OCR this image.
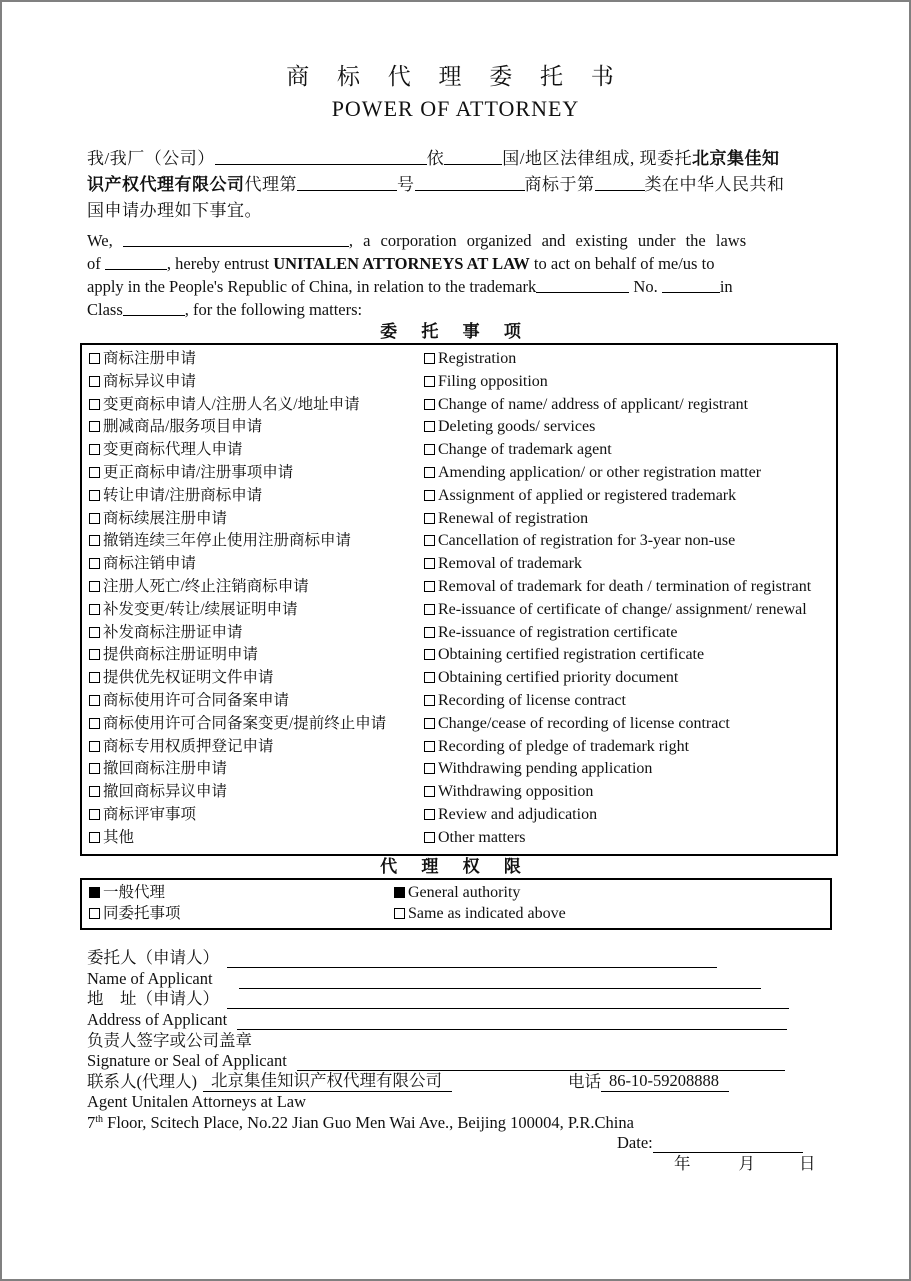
商 标 代 理 委 托 书
POWER OF ATTORNEY
我/我厂（公司）	依	国/地区法律组成, 现委托北京集佳知
识产权代理有限公司代理第	号	商标于第	类在中华人民共和
国申请办理如下事宜。
We,	, a corporation organized and existing under the laws
of	, hereby entrust UNITALEN ATTORNEYS AT LAW to act on behalf of me/us to
apply in the People's Republic of China, in relation to the trademark	No.	in
Class	, for the following matters:
委 托 事 项
商标注册申请	Registration
商标异议申请	Filing opposition
变更商标申请人/注册人名义/地址申请	Change of name/ address of applicant/ registrant
删减商品/服务项目申请	Deleting goods/ services
变更商标代理人申请	Change of trademark agent
更正商标申请/注册事项申请	Amending application/ or other registration matter
转让申请/注册商标申请	Assignment of applied or registered trademark
商标续展注册申请	Renewal of registration
撤销连续三年停止使用注册商标申请	Cancellation of registration for 3-year non-use
商标注销申请	Removal of trademark
注册人死亡/终止注销商标申请	Removal of trademark for death / termination of registrant
补发变更/转让/续展证明申请	Re-issuance of certificate of change/ assignment/ renewal
补发商标注册证申请	Re-issuance of registration certificate
提供商标注册证明申请	Obtaining certified registration certificate
提供优先权证明文件申请	Obtaining certified priority document
商标使用许可合同备案申请	Recording of license contract
商标使用许可合同备案变更/提前终止申请	Change/cease of recording of license contract
商标专用权质押登记申请	Recording of pledge of trademark right
撤回商标注册申请	Withdrawing pending application
撤回商标异议申请	Withdrawing opposition
商标评审事项	Review and adjudication
其他	Other matters
代 理 权 限
一般代理	General authority
同委托事项	Same as indicated above
委托人（申请人）
Name of Applicant
地　址（申请人）
Address of Applicant
负责人签字或公司盖章
Signature or Seal of Applicant
联系人(代理人) 北京集佳知识产权代理有限公司	电话 86-10-59208888
Agent Unitalen Attorneys at Law
7th Floor, Scitech Place, No.22 Jian Guo Men Wai Ave., Beijing 100004, P.R.China
Date:
年	月	日
